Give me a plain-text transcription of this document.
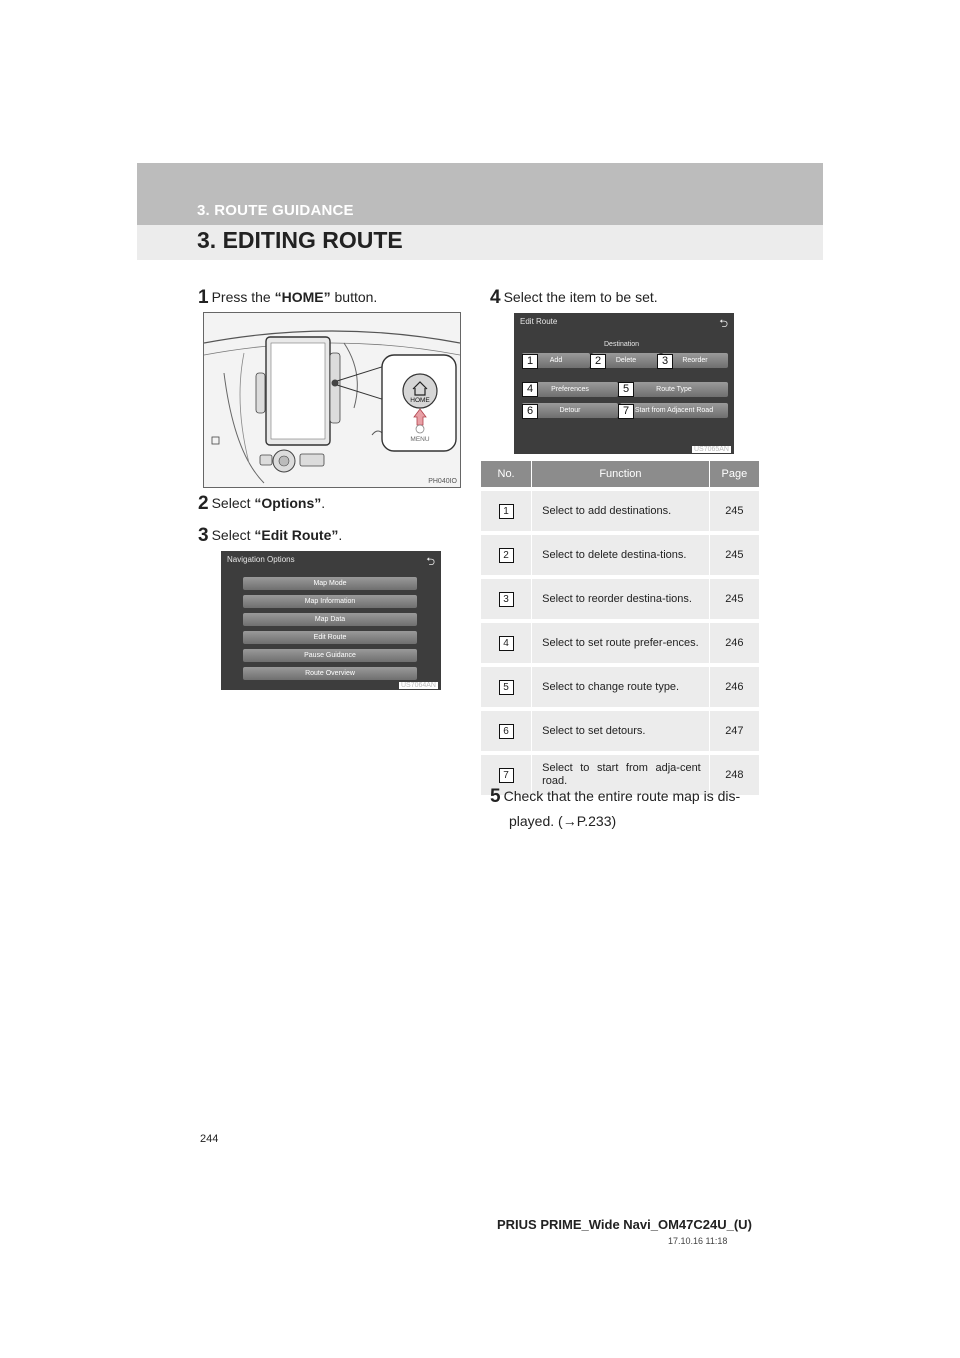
3. ROUTE GUIDANCE
3. EDITING ROUTE
1 Press the “HOME” button.
HOME
MENU
PH040IO
2 Select “Options”.
3 Select “Edit Route”.
Navigation Options	⮌
Map Mode
Map Information
Map Data
Edit Route
Pause Guidance
Route Overview
US7064AN
4 Select the item to be set.
Edit Route	⮌
Destination
Add	Delete	Reorder
Preferences	Route Type
Detour	Start from Adjacent Road
1	2	3
4	5
6	7
US7065AN
No.	Function	Page
1	Select to add destinations.	245
2	Select to delete destina-tions.	245
3	Select to reorder destina-tions.	245
4	Select to set route prefer-ences.	246
5	Select to change route type.	246
6	Select to set detours.	247
7	Select to start from adja-cent road.	248
5 Check that the entire route map is dis-
played. (→P.233)
244
PRIUS PRIME_Wide Navi_OM47C24U_(U)
17.10.16 11:18
